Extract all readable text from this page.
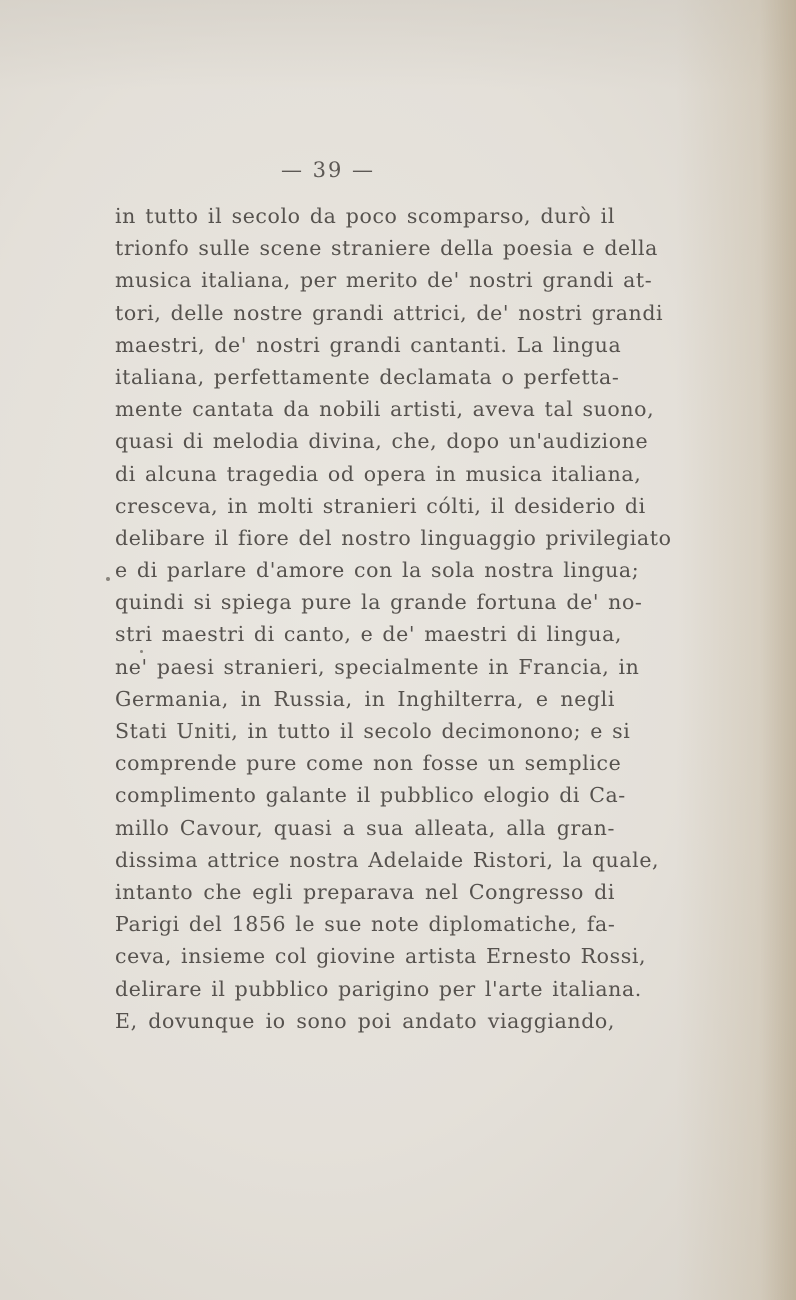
— 39 —
in tutto il secolo da poco scomparso, durò il
trionfo sulle scene straniere della poesia e della
musica italiana, per merito de' nostri grandi at-
tori, delle nostre grandi attrici, de' nostri grandi
maestri, de' nostri grandi cantanti. La lingua
italiana, perfettamente declamata o perfetta-
mente cantata da nobili artisti, aveva tal suono,
quasi di melodia divina, che, dopo un'audizione
di alcuna tragedia od opera in musica italiana,
cresceva, in molti stranieri cólti, il desiderio di
delibare il fiore del nostro linguaggio privilegiato
e di parlare d'amore con la sola nostra lingua;
quindi si spiega pure la grande fortuna de' no-
stri maestri di canto, e de' maestri di lingua,
ne' paesi stranieri, specialmente in Francia, in
Germania, in Russia, in Inghilterra, e negli
Stati Uniti, in tutto il secolo decimonono; e si
comprende pure come non fosse un semplice
complimento galante il pubblico elogio di Ca-
millo Cavour, quasi a sua alleata, alla gran-
dissima attrice nostra Adelaide Ristori, la quale,
intanto che egli preparava nel Congresso di
Parigi del 1856 le sue note diplomatiche, fa-
ceva, insieme col giovine artista Ernesto Rossi,
delirare il pubblico parigino per l'arte italiana.
E, dovunque io sono poi andato viaggiando,
